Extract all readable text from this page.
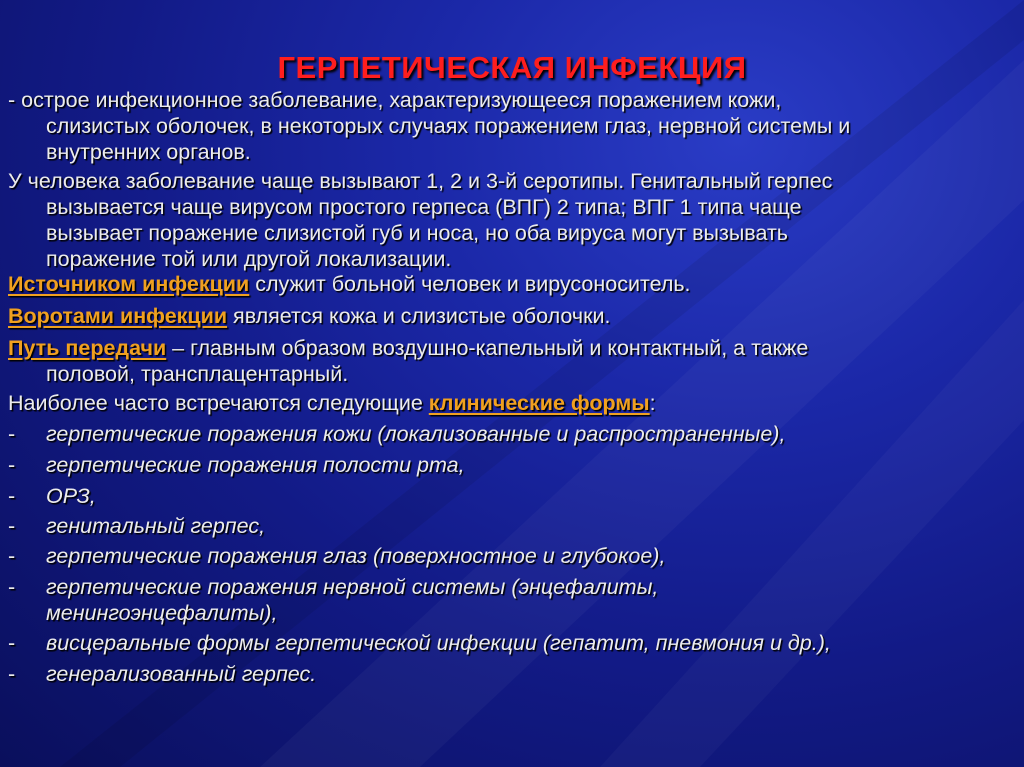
ГЕРПЕТИЧЕСКАЯ ИНФЕКЦИЯ
- острое инфекционное заболевание, характеризующееся поражением кожи,
слизистых оболочек, в некоторых случаях поражением глаз, нервной системы и
внутренних органов.
У человека заболевание чаще вызывают 1, 2 и 3-й серотипы. Генитальный герпес
вызывается чаще вирусом простого герпеса (ВПГ) 2 типа; ВПГ 1 типа чаще
вызывает поражение слизистой губ и носа, но оба вируса могут вызывать
поражение той или другой локализации.
Источником инфекции служит больной человек и вирусоноситель.
Воротами инфекции является кожа и слизистые оболочки.
Путь передачи – главным образом воздушно-капельный и контактный, а также
половой, трансплацентарный.
Наиболее часто встречаются следующие клинические формы:
-	герпетические поражения кожи (локализованные и распространенные),
-	герпетические поражения полости рта,
-	ОРЗ,
-	генитальный герпес,
-	герпетические поражения глаз (поверхностное и глубокое),
-	герпетические поражения нервной системы (энцефалиты,
менингоэнцефалиты),
-	висцеральные формы герпетической инфекции (гепатит, пневмония и др.),
-	генерализованный герпес.
